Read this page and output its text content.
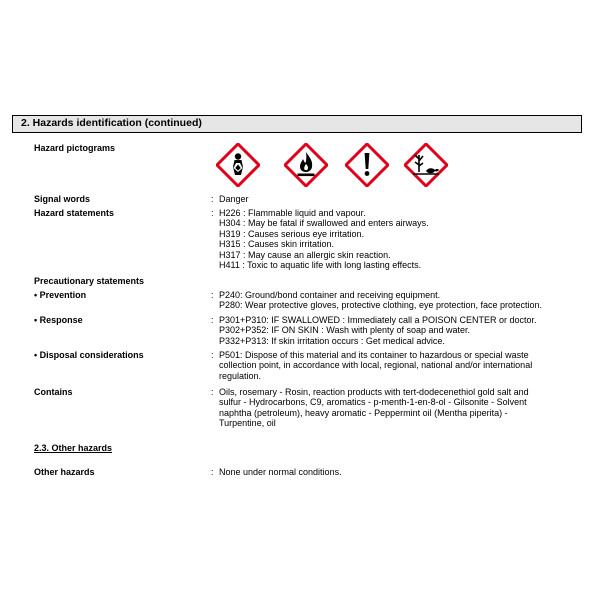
2. Hazards identification (continued)
Hazard pictograms
Signal words	: Danger
Hazard statements	: H226 : Flammable liquid and vapour.
H304 : May be fatal if swallowed and enters airways.
H319 : Causes serious eye irritation.
H315 : Causes skin irritation.
H317 : May cause an allergic skin reaction.
H411 : Toxic to aquatic life with long lasting effects.
Precautionary statements
• Prevention	: P240: Ground/bond container and receiving equipment.
P280: Wear protective gloves, protective clothing, eye protection, face protection.
• Response	: P301+P310: IF SWALLOWED : Immediately call a POISON CENTER or doctor.
P302+P352: IF ON SKIN : Wash with plenty of soap and water.
P332+P313: If skin irritation occurs : Get medical advice.
• Disposal considerations	: P501: Dispose of this material and its container to hazardous or special waste
collection point, in accordance with local, regional, national and/or international
regulation.
Contains	: Oils, rosemary - Rosin, reaction products with tert-dodecenethiol gold salt and
sulfur - Hydrocarbons, C9, aromatics - p-menth-1-en-8-ol - Gilsonite - Solvent
naphtha (petroleum), heavy aromatic - Peppermint oil (Mentha piperita) -
Turpentine, oil
2.3. Other hazards
Other hazards	: None under normal conditions.
